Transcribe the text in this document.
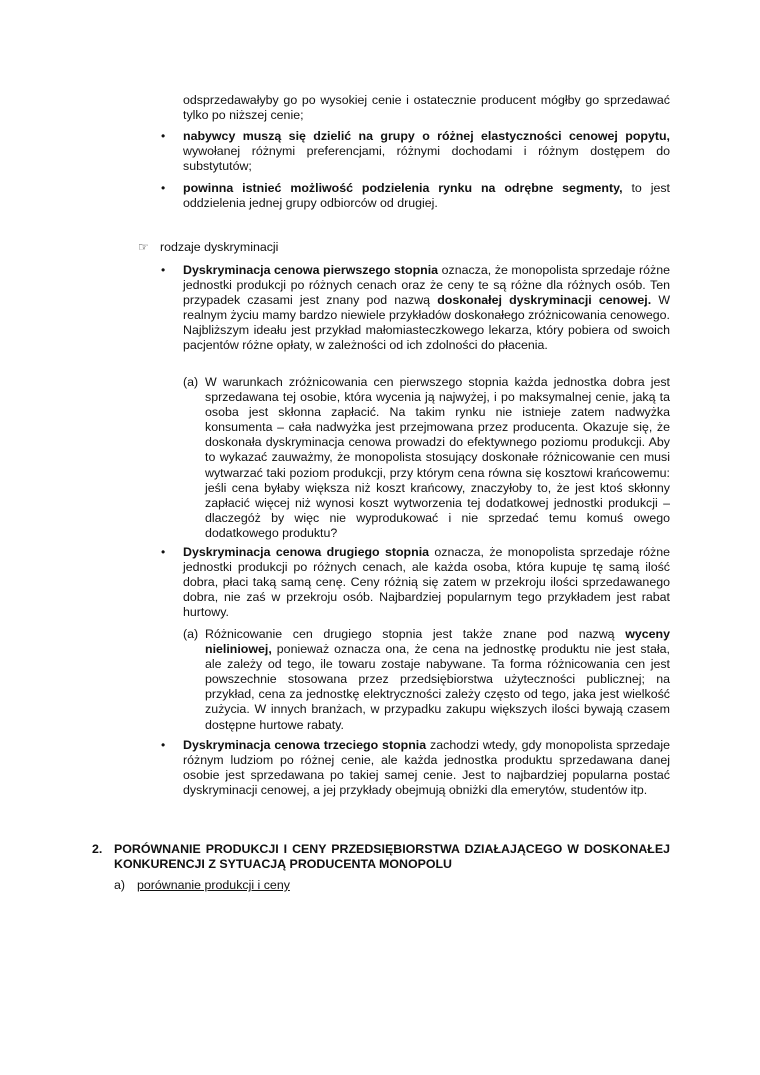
odsprzedawałyby go po wysokiej cenie i ostatecznie producent mógłby go sprzedawać tylko po niższej cenie;
• nabywcy muszą się dzielić na grupy o różnej elastyczności cenowej popytu, wywołanej różnymi preferencjami, różnymi dochodami i różnym dostępem do substytutów;
• powinna istnieć możliwość podzielenia rynku na odrębne segmenty, to jest oddzielenia jednej grupy odbiorców od drugiej.
☞ rodzaje dyskryminacji
• Dyskryminacja cenowa pierwszego stopnia oznacza, że monopolista sprzedaje różne jednostki produkcji po różnych cenach oraz że ceny te są różne dla różnych osób. Ten przypadek czasami jest znany pod nazwą doskonałej dyskryminacji cenowej. W realnym życiu mamy bardzo niewiele przykładów doskonałego zróżnicowania cenowego. Najbliższym ideału jest przykład małomiasteczkowego lekarza, który pobiera od swoich pacjentów różne opłaty, w zależności od ich zdolności do płacenia.
(a) W warunkach zróżnicowania cen pierwszego stopnia każda jednostka dobra jest sprzedawana tej osobie, która wycenia ją najwyżej, i po maksymalnej cenie, jaką ta osoba jest skłonna zapłacić. Na takim rynku nie istnieje zatem nadwyżka konsumenta – cała nadwyżka jest przejmowana przez producenta. Okazuje się, że doskonała dyskryminacja cenowa prowadzi do efektywnego poziomu produkcji. Aby to wykazać zauważmy, że monopolista stosujący doskonałe różnicowanie cen musi wytwarzać taki poziom produkcji, przy którym cena równa się kosztowi krańcowemu: jeśli cena byłaby większa niż koszt krańcowy, znaczyłoby to, że jest ktoś skłonny zapłacić więcej niż wynosi koszt wytworzenia tej dodatkowej jednostki produkcji – dlaczegóż by więc nie wyprodukować i nie sprzedać temu komuś owego dodatkowego produktu?
• Dyskryminacja cenowa drugiego stopnia oznacza, że monopolista sprzedaje różne jednostki produkcji po różnych cenach, ale każda osoba, która kupuje tę samą ilość dobra, płaci taką samą cenę. Ceny różnią się zatem w przekroju ilości sprzedawanego dobra, nie zaś w przekroju osób. Najbardziej popularnym tego przykładem jest rabat hurtowy.
(a) Różnicowanie cen drugiego stopnia jest także znane pod nazwą wyceny nieliniowej, ponieważ oznacza ona, że cena na jednostkę produktu nie jest stała, ale zależy od tego, ile towaru zostaje nabywane. Ta forma różnicowania cen jest powszechnie stosowana przez przedsiębiorstwa użyteczności publicznej; na przykład, cena za jednostkę elektryczności zależy często od tego, jaka jest wielkość zużycia. W innych branżach, w przypadku zakupu większych ilości bywają czasem dostępne hurtowe rabaty.
• Dyskryminacja cenowa trzeciego stopnia zachodzi wtedy, gdy monopolista sprzedaje różnym ludziom po różnej cenie, ale każda jednostka produktu sprzedawana danej osobie jest sprzedawana po takiej samej cenie. Jest to najbardziej popularna postać dyskryminacji cenowej, a jej przykłady obejmują obniżki dla emerytów, studentów itp.
2. PORÓWNANIE PRODUKCJI I CENY PRZEDSIĘBIORSTWA DZIAŁAJĄCEGO W DOSKONAŁEJ KONKURENCJI Z SYTUACJĄ PRODUCENTA MONOPOLU
a) porównanie produkcji i ceny
